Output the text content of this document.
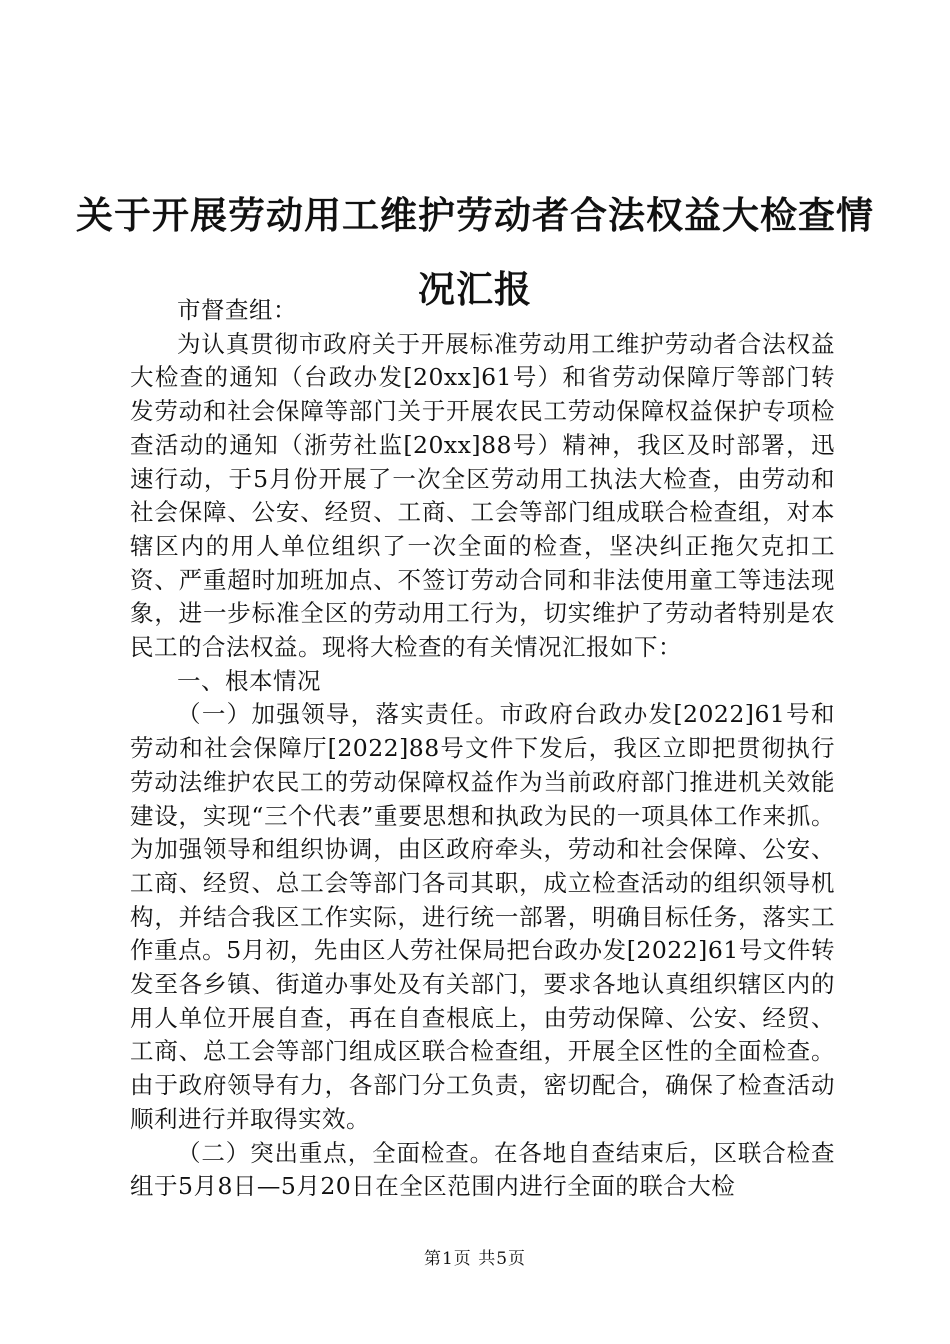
关于开展劳动用工维护劳动者合法权益大检查情况汇报

市督查组：

为认真贯彻市政府关于开展标准劳动用工维护劳动者合法权益大检查的通知（台政办发[20xx]61号）和省劳动保障厅等部门转发劳动和社会保障等部门关于开展农民工劳动保障权益保护专项检查活动的通知（浙劳社监[20xx]88号）精神，我区及时部署，迅速行动，于5月份开展了一次全区劳动用工执法大检查，由劳动和社会保障、公安、经贸、工商、工会等部门组成联合检查组，对本辖区内的用人单位组织了一次全面的检查，坚决纠正拖欠克扣工资、严重超时加班加点、不签订劳动合同和非法使用童工等违法现象，进一步标准全区的劳动用工行为，切实维护了劳动者特别是农民工的合法权益。现将大检查的有关情况汇报如下：

一、根本情况

（一）加强领导，落实责任。市政府台政办发[2022]61号和劳动和社会保障厅[2022]88号文件下发后，我区立即把贯彻执行劳动法维护农民工的劳动保障权益作为当前政府部门推进机关效能建设，实现“三个代表”重要思想和执政为民的一项具体工作来抓。为加强领导和组织协调，由区政府牵头，劳动和社会保障、公安、工商、经贸、总工会等部门各司其职，成立检查活动的组织领导机构，并结合我区工作实际，进行统一部署，明确目标任务，落实工作重点。5月初，先由区人劳社保局把台政办发[2022]61号文件转发至各乡镇、街道办事处及有关部门，要求各地认真组织辖区内的用人单位开展自查，再在自查根底上，由劳动保障、公安、经贸、工商、总工会等部门组成区联合检查组，开展全区性的全面检查。由于政府领导有力，各部门分工负责，密切配合，确保了检查活动顺利进行并取得实效。

（二）突出重点，全面检查。在各地自查结束后，区联合检查组于5月8日—5月20日在全区范围内进行全面的联合大检

第1页 共5页
